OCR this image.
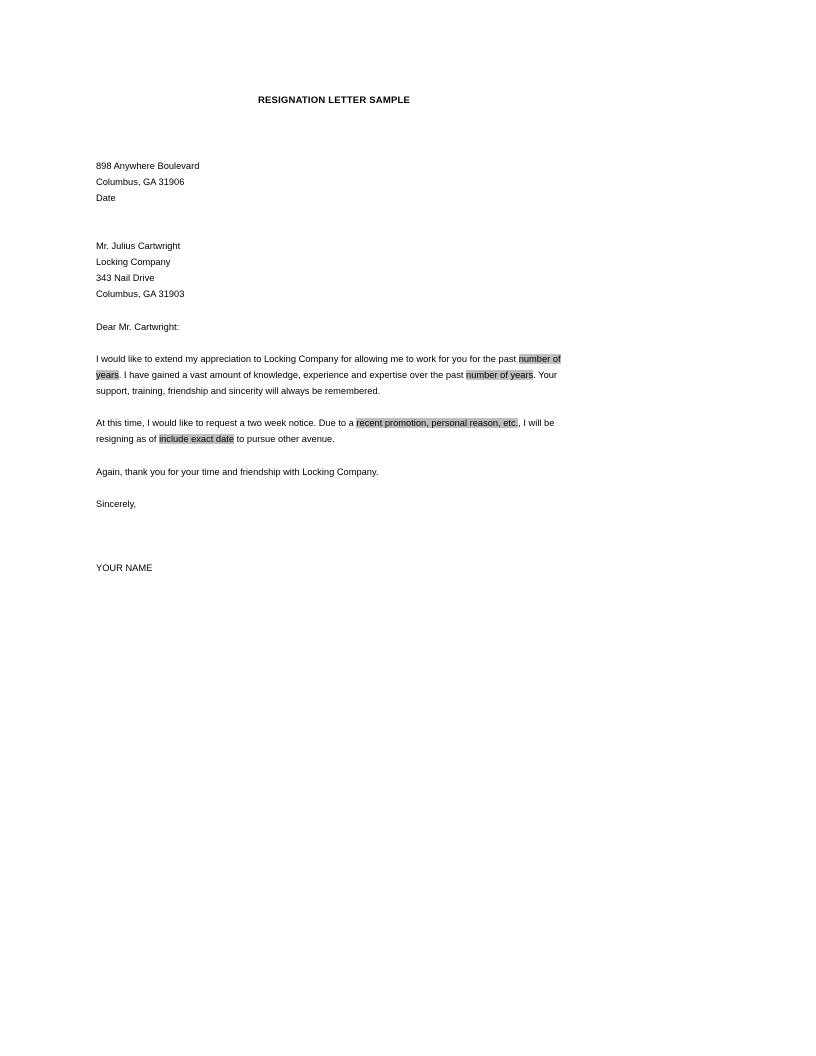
RESIGNATION LETTER SAMPLE
898 Anywhere Boulevard
Columbus, GA 31906
Date
Mr. Julius Cartwright
Locking Company
343 Nail Drive
Columbus, GA 31903
Dear Mr. Cartwright:
I would like to extend my appreciation to Locking Company for allowing me to work for you for the past number of
years. I have gained a vast amount of knowledge, experience and expertise over the past number of years. Your
support, training, friendship and sincerity will always be remembered.
At this time, I would like to request a two week notice. Due to a recent promotion, personal reason, etc., I will be
resigning as of include exact date to pursue other avenue.
Again, thank you for your time and friendship with Locking Company.
Sincerely,
YOUR NAME
